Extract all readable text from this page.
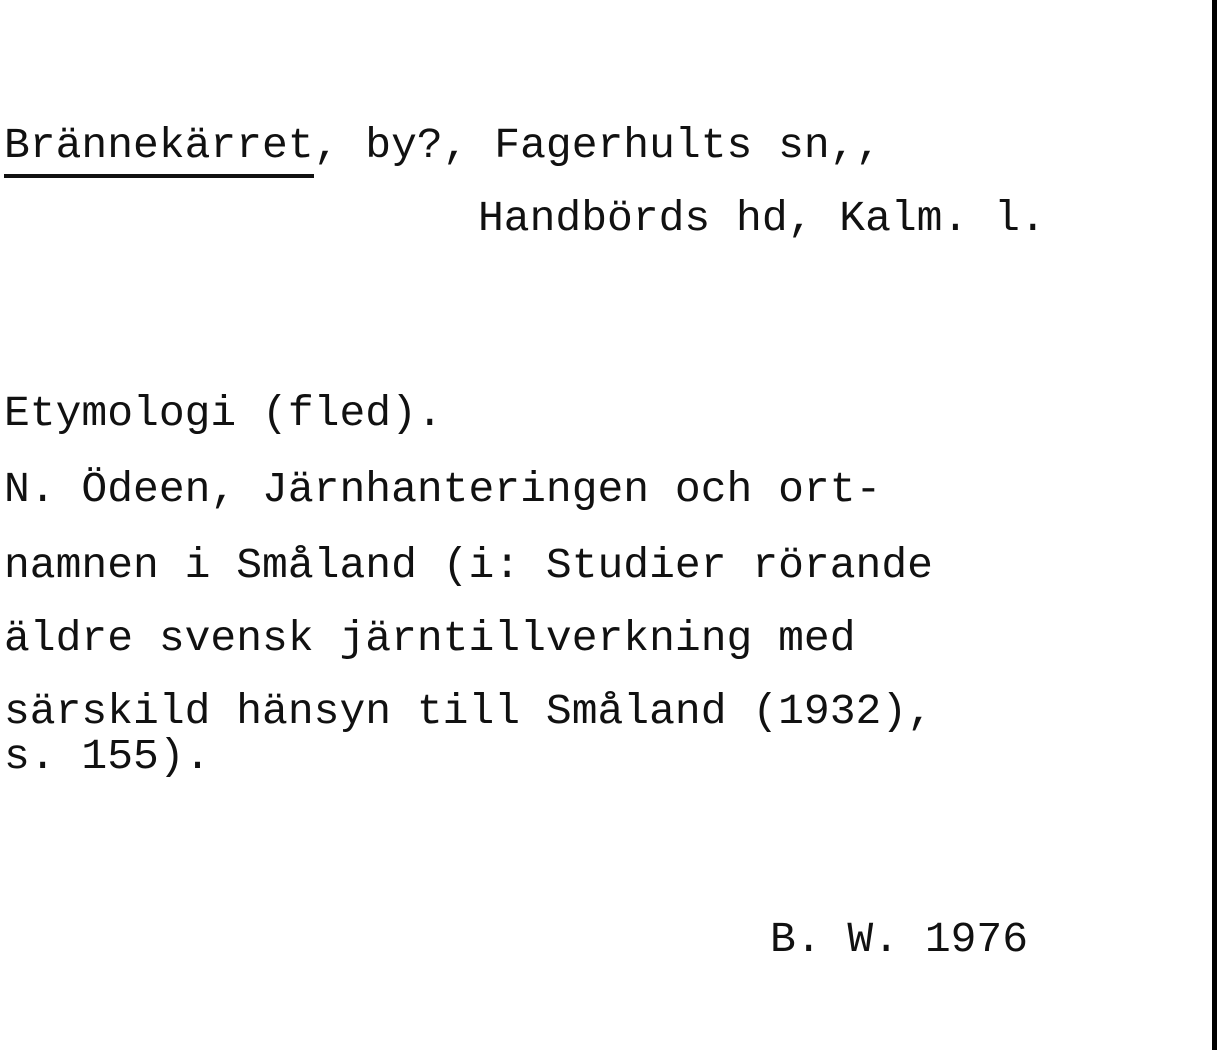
Brännekärret, by?, Fagerhults sn,,
Handbörds hd, Kalm. l.
Etymologi (fled).
N. Ödeen, Järnhanteringen och ort-
namnen i Småland (i: Studier rörande
äldre svensk järntillverkning med
särskild hänsyn till Småland (1932),
s. 155).
B. W. 1976
